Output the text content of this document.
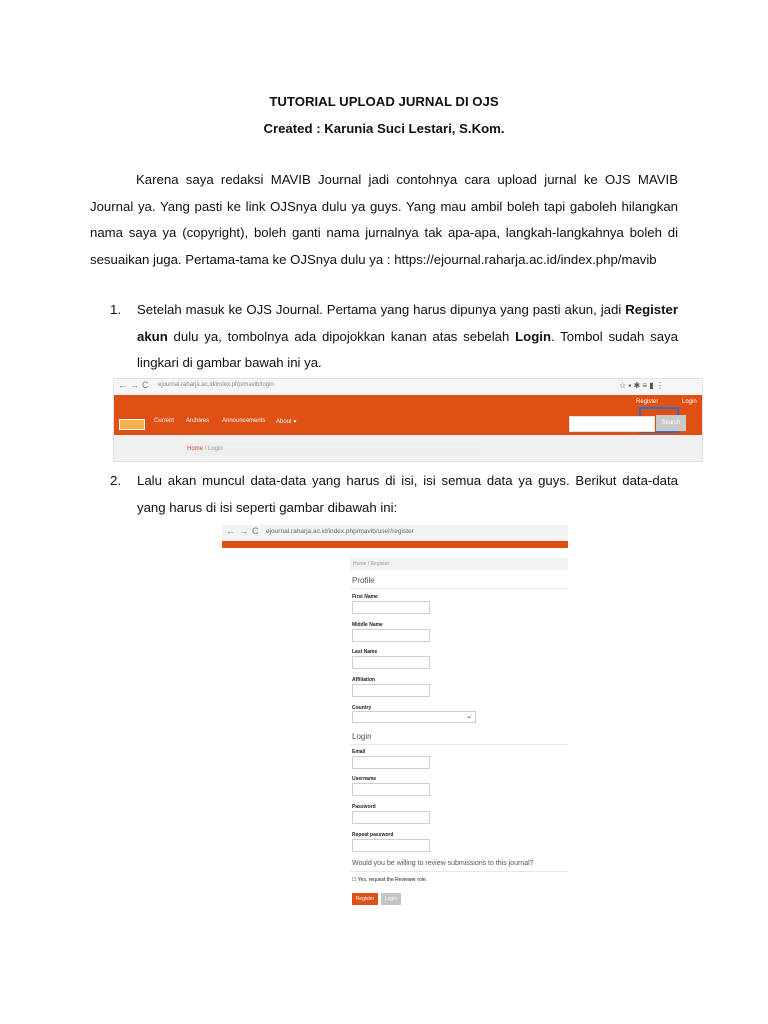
TUTORIAL UPLOAD JURNAL DI OJS
Created : Karunia Suci Lestari, S.Kom.
Karena saya redaksi MAVIB Journal jadi contohnya cara upload jurnal ke OJS MAVIB Journal ya. Yang pasti ke link OJSnya dulu ya guys. Yang mau ambil boleh tapi gaboleh hilangkan nama saya ya (copyright), boleh ganti nama jurnalnya tak apa-apa, langkah-langkahnya boleh di sesuaikan juga. Pertama-tama ke OJSnya dulu ya : https://ejournal.raharja.ac.id/index.php/mavib
1.	Setelah masuk ke OJS Journal. Pertama yang harus dipunya yang pasti akun, jadi Register akun dulu ya, tombolnya ada dipojokkan kanan atas sebelah Login. Tombol sudah saya lingkari di gambar bawah ini ya.
← → C ejournal.raharja.ac.id/index.php/mavib/login	☆ ▪ ✱ ≡ ▮ ⋮
Register	Login
Current Archives Announcements About ▾	Search
Home / Login
2.	Lalu akan muncul data-data yang harus di isi, isi semua data ya guys. Berikut data-data yang harus di isi seperti gambar dibawah ini:
← → C ejournal.raharja.ac.id/index.php/mavib/user/register
Home / Register
Profile
First Name
Middle Name
Last Name
Affiliation
Country
⌄
Login
Email
Username
Password
Repeat password
Would you be willing to review submissions to this journal?
☐ Yes, request the Reviewer role.
Register	Login
